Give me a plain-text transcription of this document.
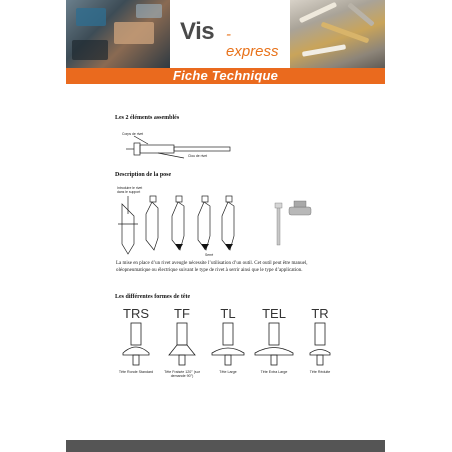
Vis -express
Fiche Technique
Les 2 éléments assemblés
Corps de rivet
Clou de rivet
Description de la pose
Introduire le rivet dans le support
Serré
La mise en place d’un rivet aveugle nécessite l’utilisation d’un outil. Cet outil peut être manuel, oléopneumatique ou électrique suivant le type de rivet à serrir ainsi que le type d’application.
Les différentes formes de tête
TRS
Tête Ronde Standard
TF
Tête Fraisée 120° (sur demande 90°)
TL
Tête Large
TEL
Tête Extra Large
TR
Tête Réduite
